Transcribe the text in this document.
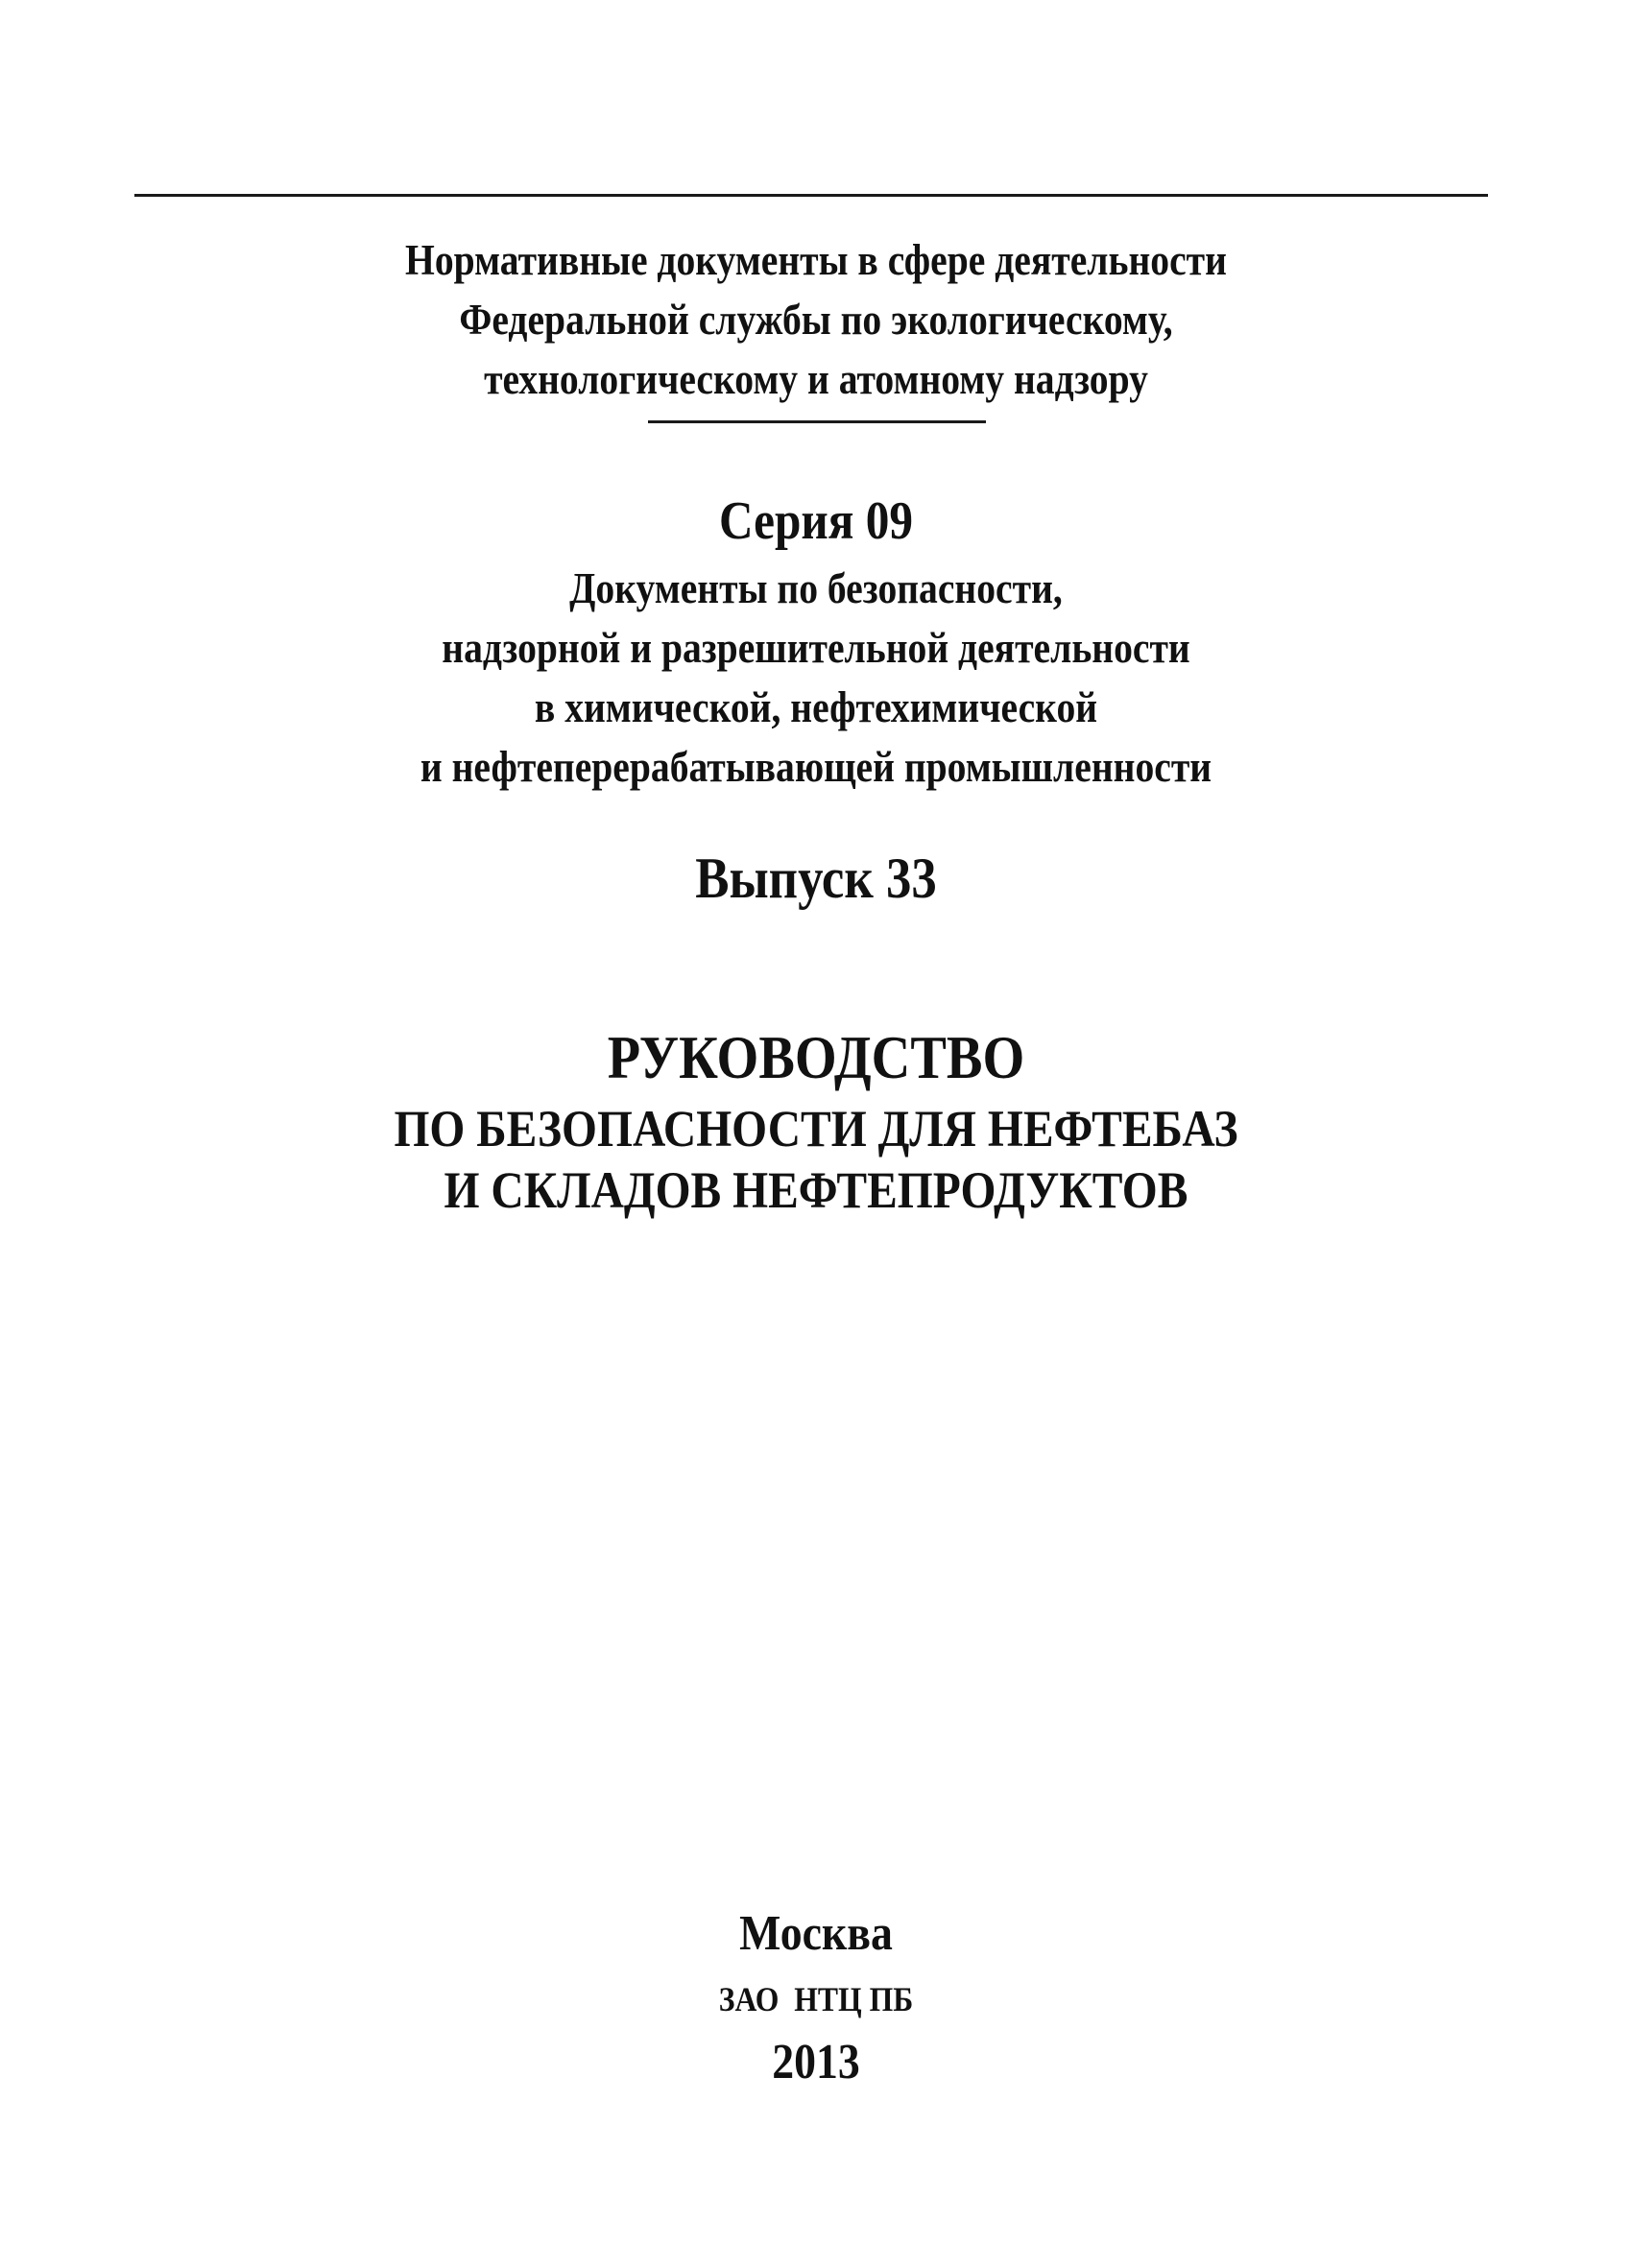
Нормативные документы в сфере деятельности
Федеральной службы по экологическому,
технологическому и атомному надзору
Серия 09
Документы по безопасности,
надзорной и разрешительной деятельности
в химической, нефтехимической
и нефтеперерабатывающей промышленности
Выпуск 33
РУКОВОДСТВО
ПО БЕЗОПАСНОСТИ ДЛЯ НЕФТЕБАЗ
И СКЛАДОВ НЕФТЕПРОДУКТОВ
Москва
ЗАО  НТЦ ПБ
2013
